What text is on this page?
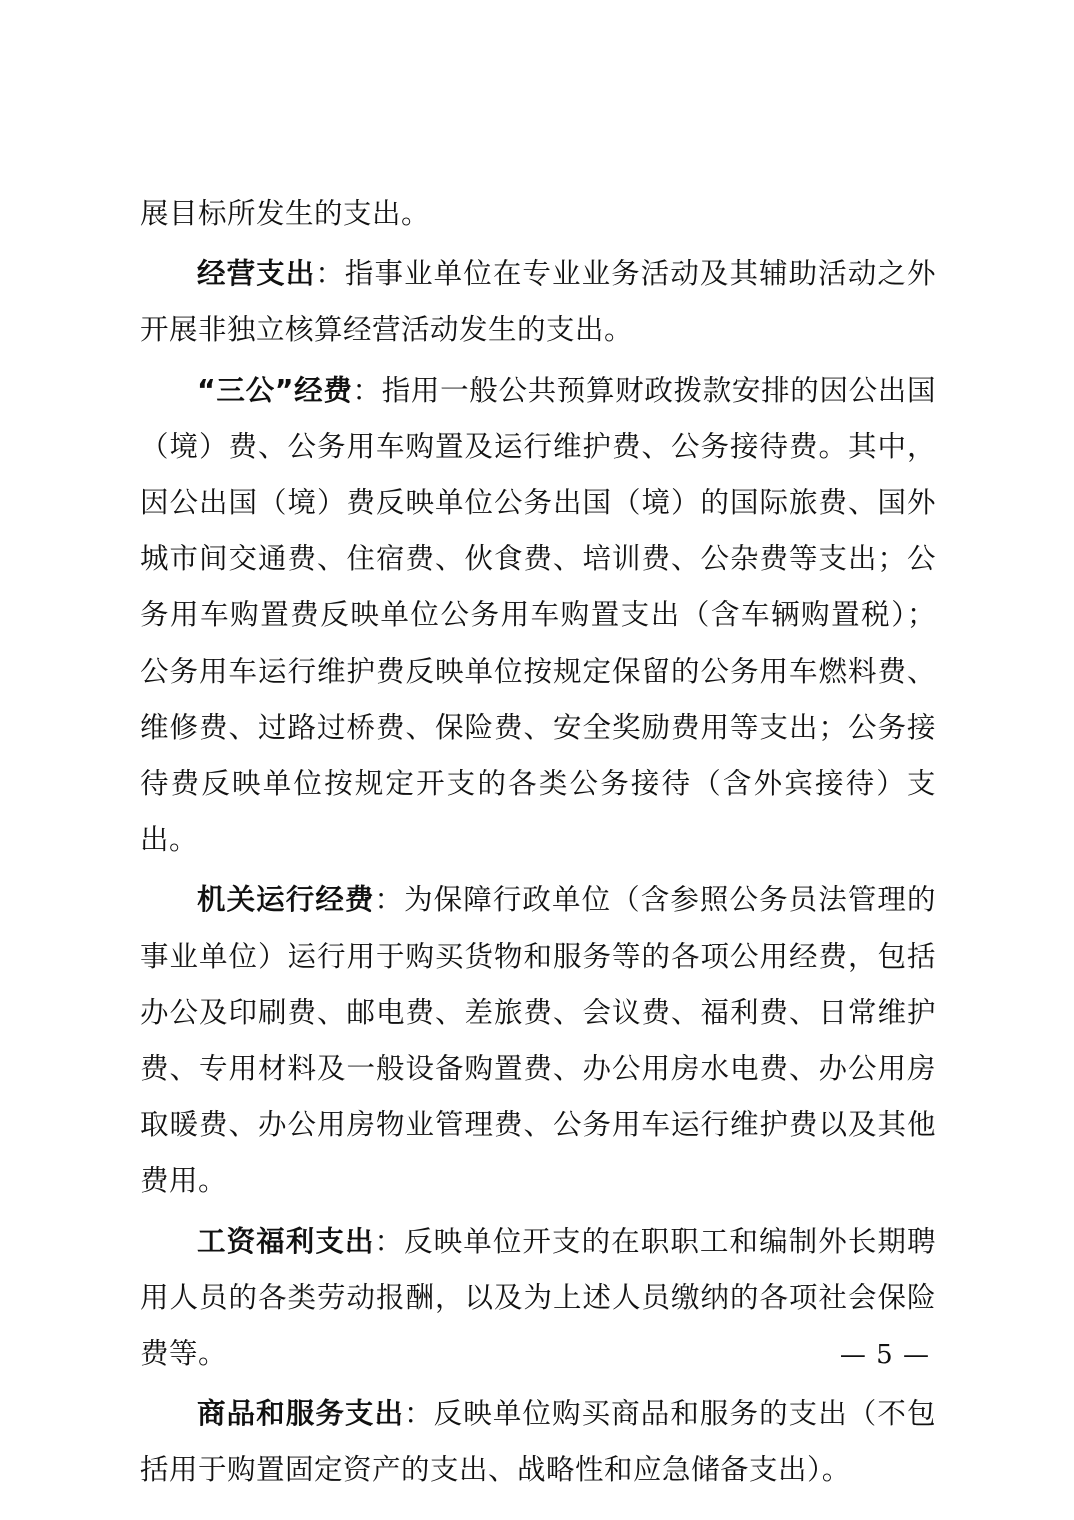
展目标所发生的支出。

经营支出：指事业单位在专业业务活动及其辅助活动之外开展非独立核算经营活动发生的支出。

“三公”经费：指用一般公共预算财政拨款安排的因公出国（境）费、公务用车购置及运行维护费、公务接待费。其中，因公出国（境）费反映单位公务出国（境）的国际旅费、国外城市间交通费、住宿费、伙食费、培训费、公杂费等支出；公务用车购置费反映单位公务用车购置支出（含车辆购置税）；公务用车运行维护费反映单位按规定保留的公务用车燃料费、维修费、过路过桥费、保险费、安全奖励费用等支出；公务接待费反映单位按规定开支的各类公务接待（含外宾接待）支出。

机关运行经费：为保障行政单位（含参照公务员法管理的事业单位）运行用于购买货物和服务等的各项公用经费，包括办公及印刷费、邮电费、差旅费、会议费、福利费、日常维护费、专用材料及一般设备购置费、办公用房水电费、办公用房取暖费、办公用房物业管理费、公务用车运行维护费以及其他费用。

工资福利支出：反映单位开支的在职职工和编制外长期聘用人员的各类劳动报酬，以及为上述人员缴纳的各项社会保险费等。

商品和服务支出：反映单位购买商品和服务的支出（不包括用于购置固定资产的支出、战略性和应急储备支出）。

— 5 —
